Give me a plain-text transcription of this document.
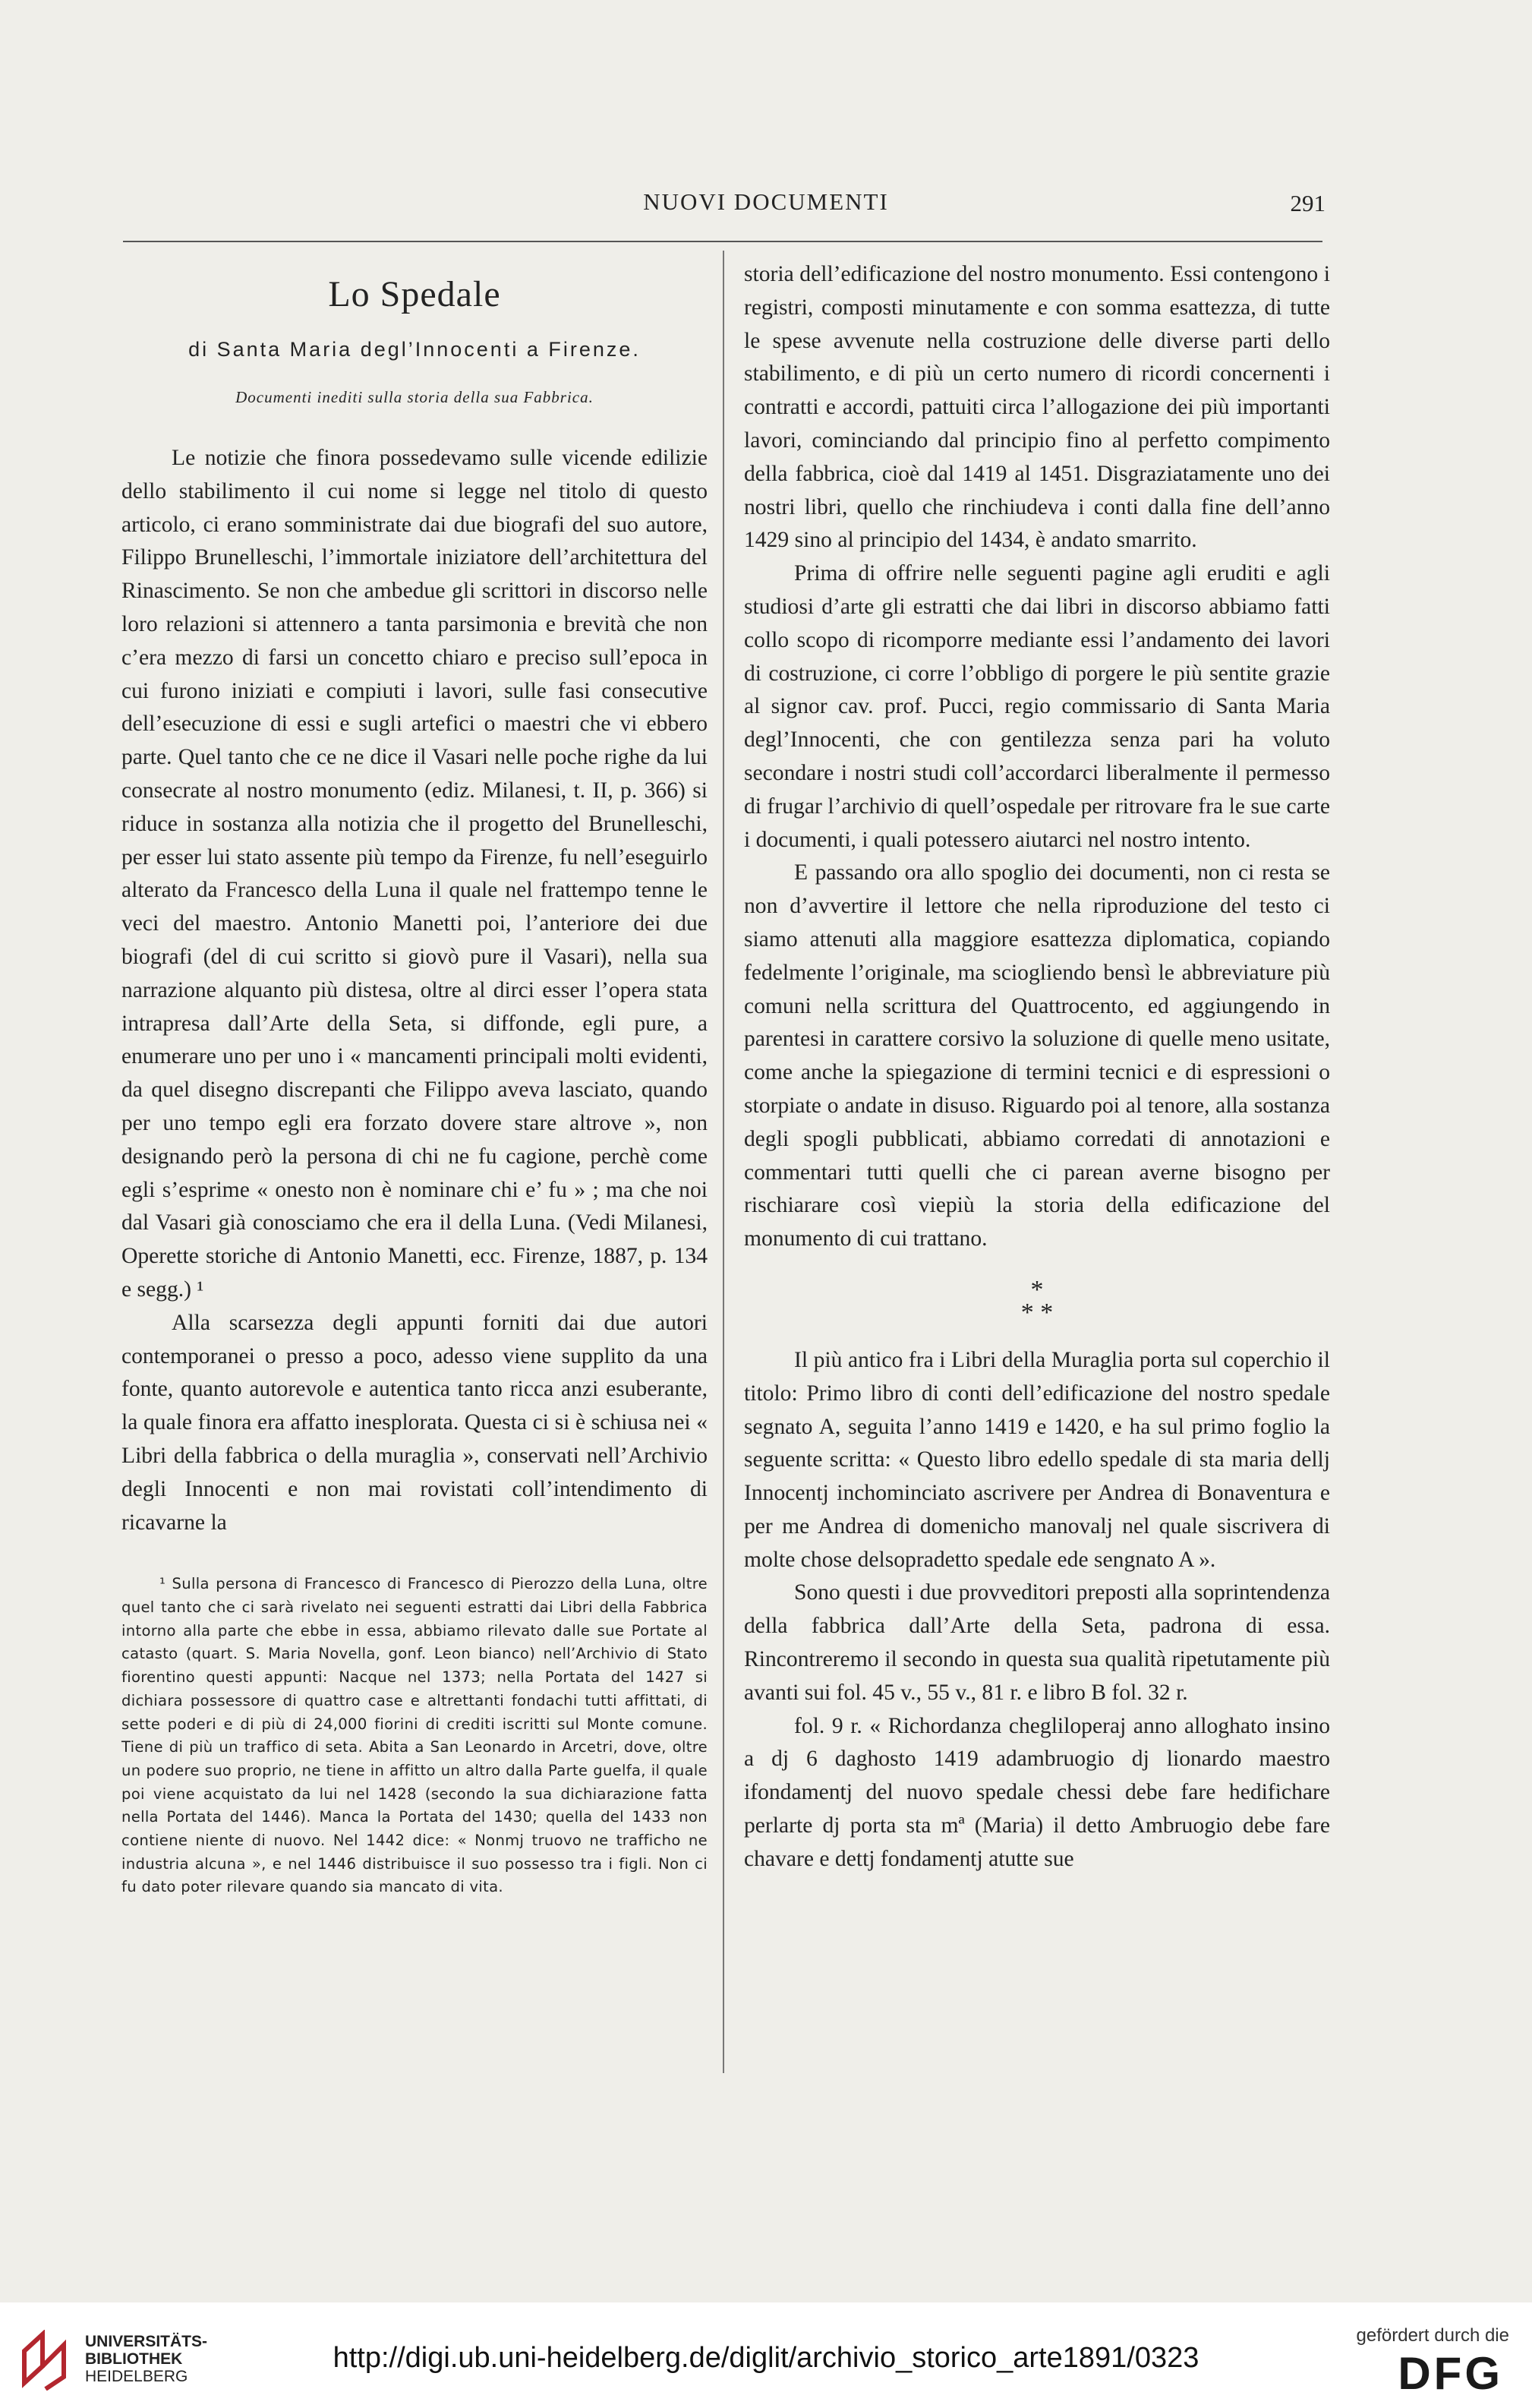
NUOVI DOCUMENTI	291
Lo Spedale
di Santa Maria degl’Innocenti a Firenze.
Documenti inediti sulla storia della sua Fabbrica.

Le notizie che finora possedevamo sulle vicende edilizie dello stabilimento il cui nome si legge nel titolo di questo articolo, ci erano somministrate dai due biografi del suo autore, Filippo Brunelleschi, l’immortale iniziatore dell’architettura del Rinascimento. Se non che ambedue gli scrittori in discorso nelle loro relazioni si attennero a tanta parsimonia e brevità che non c’era mezzo di farsi un concetto chiaro e preciso sull’epoca in cui furono iniziati e compiuti i lavori, sulle fasi consecutive dell’esecuzione di essi e sugli artefici o maestri che vi ebbero parte. Quel tanto che ce ne dice il Vasari nelle poche righe da lui consecrate al nostro monumento (ediz. Milanesi, t. II, p. 366) si riduce in sostanza alla notizia che il progetto del Brunelleschi, per esser lui stato assente più tempo da Firenze, fu nell’eseguirlo alterato da Francesco della Luna il quale nel frattempo tenne le veci del maestro. Antonio Manetti poi, l’anteriore dei due biografi (del di cui scritto si giovò pure il Vasari), nella sua narrazione alquanto più distesa, oltre al dirci esser l’opera stata intrapresa dall’Arte della Seta, si diffonde, egli pure, a enumerare uno per uno i « mancamenti principali molti evidenti, da quel disegno discrepanti che Filippo aveva lasciato, quando per uno tempo egli era forzato dovere stare altrove », non designando però la persona di chi ne fu cagione, perchè come egli s’esprime « onesto non è nominare chi e’ fu » ; ma che noi dal Vasari già conosciamo che era il della Luna. (Vedi Milanesi, Operette storiche di Antonio Manetti, ecc. Firenze, 1887, p. 134 e segg.) ¹

Alla scarsezza degli appunti forniti dai due autori contemporanei o presso a poco, adesso viene supplito da una fonte, quanto autorevole e autentica tanto ricca anzi esuberante, la quale finora era affatto inesplorata. Questa ci si è schiusa nei « Libri della fabbrica o della muraglia », conservati nell’Archivio degli Innocenti e non mai rovistati coll’intendimento di ricavarne la

¹ Sulla persona di Francesco di Francesco di Pierozzo della Luna, oltre quel tanto che ci sarà rivelato nei seguenti estratti dai Libri della Fabbrica intorno alla parte che ebbe in essa, abbiamo rilevato dalle sue Portate al catasto (quart. S. Maria Novella, gonf. Leon bianco) nell’Archivio di Stato fiorentino questi appunti: Nacque nel 1373; nella Portata del 1427 si dichiara possessore di quattro case e altrettanti fondachi tutti affittati, di sette poderi e di più di 24,000 fiorini di crediti iscritti sul Monte comune. Tiene di più un traffico di seta. Abita a San Leonardo in Arcetri, dove, oltre un podere suo proprio, ne tiene in affitto un altro dalla Parte guelfa, il quale poi viene acquistato da lui nel 1428 (secondo la sua dichiarazione fatta nella Portata del 1446). Manca la Portata del 1430; quella del 1433 non contiene niente di nuovo. Nel 1442 dice: « Nonmj truovo ne trafficho ne industria alcuna », e nel 1446 distribuisce il suo possesso tra i figli. Non ci fu dato poter rilevare quando sia mancato di vita.

storia dell’edificazione del nostro monumento. Essi contengono i registri, composti minutamente e con somma esattezza, di tutte le spese avvenute nella costruzione delle diverse parti dello stabilimento, e di più un certo numero di ricordi concernenti i contratti e accordi, pattuiti circa l’allogazione dei più importanti lavori, cominciando dal principio fino al perfetto compimento della fabbrica, cioè dal 1419 al 1451. Disgraziatamente uno dei nostri libri, quello che rinchiudeva i conti dalla fine dell’anno 1429 sino al principio del 1434, è andato smarrito.

Prima di offrire nelle seguenti pagine agli eruditi e agli studiosi d’arte gli estratti che dai libri in discorso abbiamo fatti collo scopo di ricomporre mediante essi l’andamento dei lavori di costruzione, ci corre l’obbligo di porgere le più sentite grazie al signor cav. prof. Pucci, regio commissario di Santa Maria degl’Innocenti, che con gentilezza senza pari ha voluto secondare i nostri studi coll’accordarci liberalmente il permesso di frugar l’archivio di quell’ospedale per ritrovare fra le sue carte i documenti, i quali potessero aiutarci nel nostro intento.

E passando ora allo spoglio dei documenti, non ci resta se non d’avvertire il lettore che nella riproduzione del testo ci siamo attenuti alla maggiore esattezza diplomatica, copiando fedelmente l’originale, ma sciogliendo bensì le abbreviature più comuni nella scrittura del Quattrocento, ed aggiungendo in parentesi in carattere corsivo la soluzione di quelle meno usitate, come anche la spiegazione di termini tecnici e di espressioni o storpiate o andate in disuso. Riguardo poi al tenore, alla sostanza degli spogli pubblicati, abbiamo corredati di annotazioni e commentari tutti quelli che ci parean averne bisogno per rischiarare così viepiù la storia della edificazione del monumento di cui trattano.

*
* *

Il più antico fra i Libri della Muraglia porta sul coperchio il titolo: Primo libro di conti dell’edificazione del nostro spedale segnato A, seguita l’anno 1419 e 1420, e ha sul primo foglio la seguente scritta: « Questo libro edello spedale di sta maria dellj Innocentj inchominciato ascrivere per Andrea di Bonaventura e per me Andrea di domenicho manovalj nel quale siscrivera di molte chose delsopradetto spedale ede sengnato A ».

Sono questi i due provveditori preposti alla soprintendenza della fabbrica dall’Arte della Seta, padrona di essa. Rincontreremo il secondo in questa sua qualità ripetutamente più avanti sui fol. 45 v., 55 v., 81 r. e libro B fol. 32 r.

fol. 9 r. « Richordanza chegliloperaj anno alloghato insino a dj 6 daghosto 1419 adambruogio dj lionardo maestro ifondamentj del nuovo spedale chessi debe fare hedifichare perlarte dj porta sta mª (Maria) il detto Ambruogio debe fare chavare e dettj fondamentj atutte sue

UNIVERSITÄTS-
BIBLIOTHEK
HEIDELBERG
http://digi.ub.uni-heidelberg.de/diglit/archivio_storico_arte1891/0323
gefördert durch die
DFG
